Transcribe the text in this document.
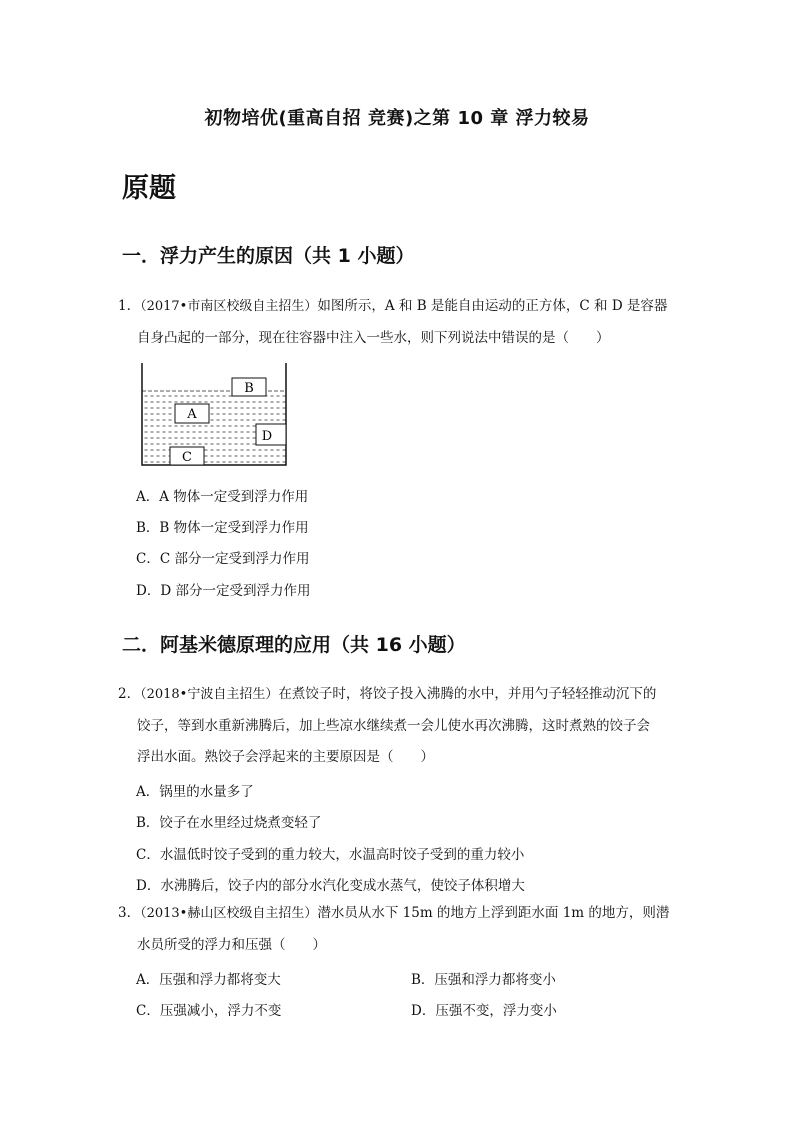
初物培优(重高自招 竞赛)之第 10 章 浮力较易
原题
一．浮力产生的原因（共 1 小题）
1．（2017•市南区校级自主招生）如图所示，A 和 B 是能自由运动的正方体，C 和 D 是容器
自身凸起的一部分，现在往容器中注入一些水，则下列说法中错误的是（　　）
B
A
D
C
A．A 物体一定受到浮力作用
B．B 物体一定受到浮力作用
C．C 部分一定受到浮力作用
D．D 部分一定受到浮力作用
二．阿基米德原理的应用（共 16 小题）
2．（2018•宁波自主招生）在煮饺子时，将饺子投入沸腾的水中，并用勺子轻轻推动沉下的
饺子，等到水重新沸腾后，加上些凉水继续煮一会儿使水再次沸腾，这时煮熟的饺子会
浮出水面。熟饺子会浮起来的主要原因是（　　）
A．锅里的水量多了
B．饺子在水里经过烧煮变轻了
C．水温低时饺子受到的重力较大，水温高时饺子受到的重力较小
D．水沸腾后，饺子内的部分水汽化变成水蒸气，使饺子体积增大
3．（2013•赫山区校级自主招生）潜水员从水下 15m 的地方上浮到距水面 1m 的地方，则潜
水员所受的浮力和压强（　　）
A．压强和浮力都将变大	B．压强和浮力都将变小
C．压强减小，浮力不变	D．压强不变，浮力变小
